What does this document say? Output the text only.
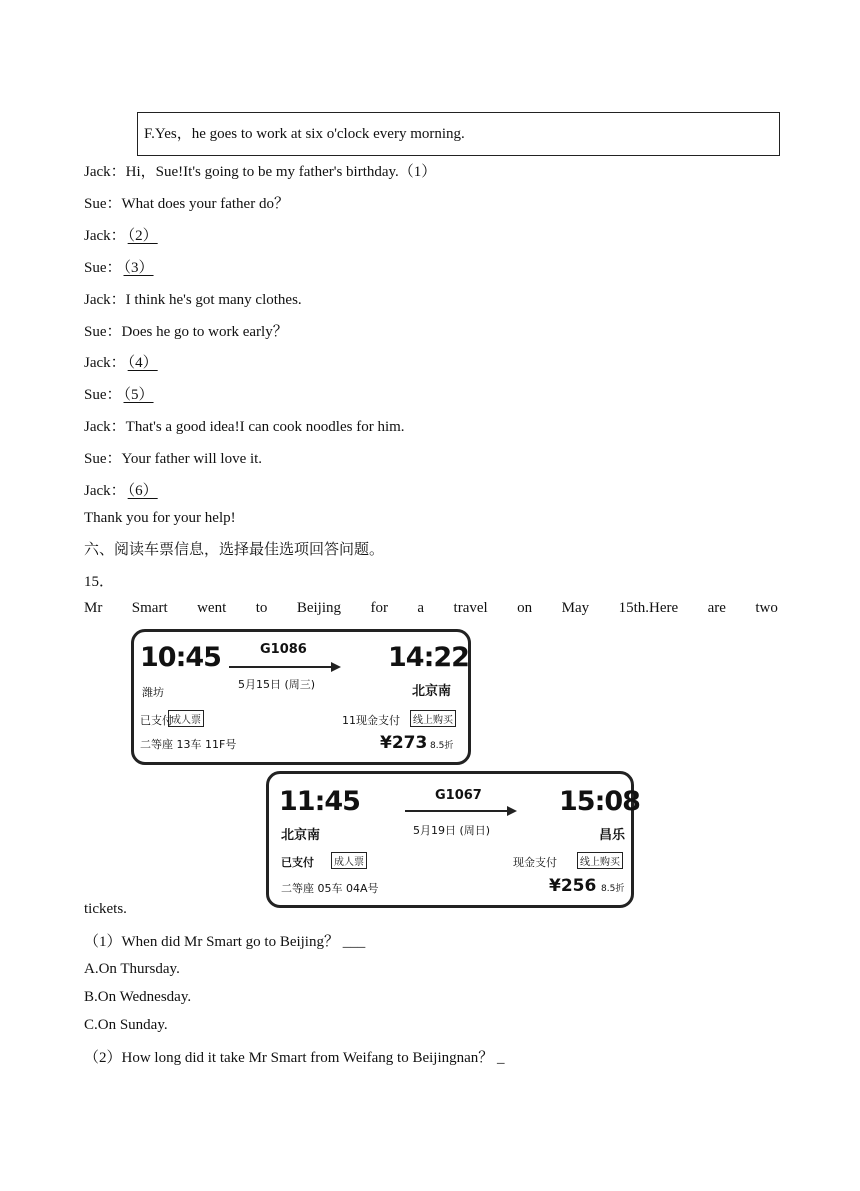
F.Yes，he goes to work at six o'clock every morning.
Jack：Hi，Sue!It's going to be my father's birthday.（1）
Sue：What does your father do？
Jack： （2）
Sue： （3）
Jack：I think he's got many clothes.
Sue：Does he go to work early？
Jack： （4）
Sue： （5）
Jack：That's a good idea!I can cook noodles for him.
Sue：Your father will love it.
Jack： （6）
Thank you for your help!
六、阅读车票信息，选择最佳选项回答问题。
15．
Mr Smart went to Beijing for a travel on May 15th.Here are two
10:45	G1086	14:22
潍坊
5月15日 (周三)	北京南
已支付
成人票	11现金支付	线上购买
二等座 13车 11F号	¥273 8.5折
11:45	G1067	15:08
北京南	5月19日 (周日)	昌乐
已支付	成人票	现金支付	线上购买
二等座 05车 04A号	¥256 8.5折
tickets.
（1）When did Mr Smart go to Beijing？ ___
A.On Thursday.
B.On Wednesday.
C.On Sunday.
（2）How long did it take Mr Smart from Weifang to Beijingnan？ _
